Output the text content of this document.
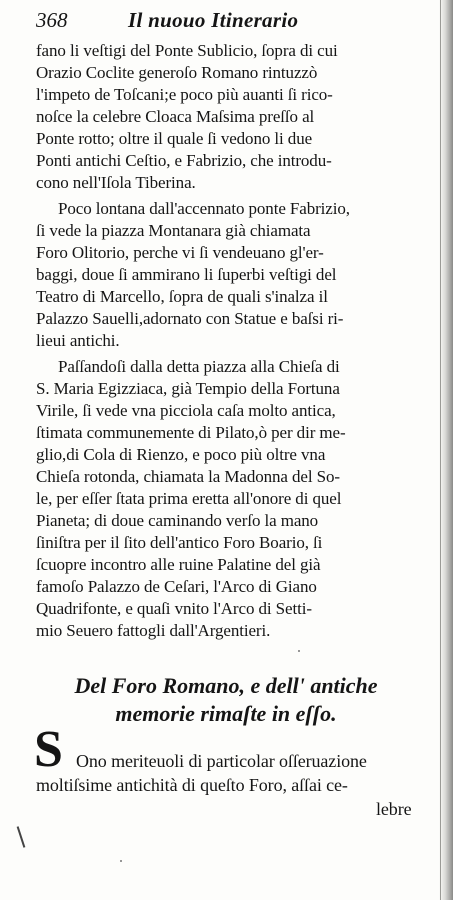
368	Il nuouo Itinerario
fano li veſtigi del Ponte Sublicio, ſopra di cui
Orazio Coclite generoſo Romano rintuzzò
l'impeto de Toſcani;e poco più auanti ſi rico-
noſce la celebre Cloaca Maſsima preſſo al
Ponte rotto; oltre il quale ſi vedono li due
Ponti antichi Ceſtio, e Fabrizio, che introdu-
cono nell'Iſola Tiberina.
Poco lontana dall'accennato ponte Fabrizio,
ſi vede la piazza Montanara già chiamata
Foro Olitorio, perche vi ſi vendeuano gl'er-
baggi, doue ſi ammirano li ſuperbi veſtigi del
Teatro di Marcello, ſopra de quali s'inalza il
Palazzo Sauelli,adornato con Statue e baſsi ri-
lieui antichi.
Paſſandoſi dalla detta piazza alla Chieſa di
S. Maria Egizziaca, già Tempio della Fortuna
Virile, ſi vede vna picciola caſa molto antica,
ſtimata communemente di Pilato,ò per dir me-
glio,di Cola di Rienzo, e poco più oltre vna
Chieſa rotonda, chiamata la Madonna del So-
le, per eſſer ſtata prima eretta all'onore di quel
Pianeta; di doue caminando verſo la mano
ſiniſtra per il ſito dell'antico Foro Boario, ſi
ſcuopre incontro alle ruine Palatine del già
famoſo Palazzo de Ceſari, l'Arco di Giano
Quadrifonte, e quaſi vnito l'Arco di Setti-
mio Seuero fattogli dall'Argentieri.
Del Foro Romano, e dell' antiche
memorie rimaſte in eſſo.
S Ono meriteuoli di particolar oſſeruazione
moltiſsime antichità di queſto Foro, aſſai ce-
lebre
